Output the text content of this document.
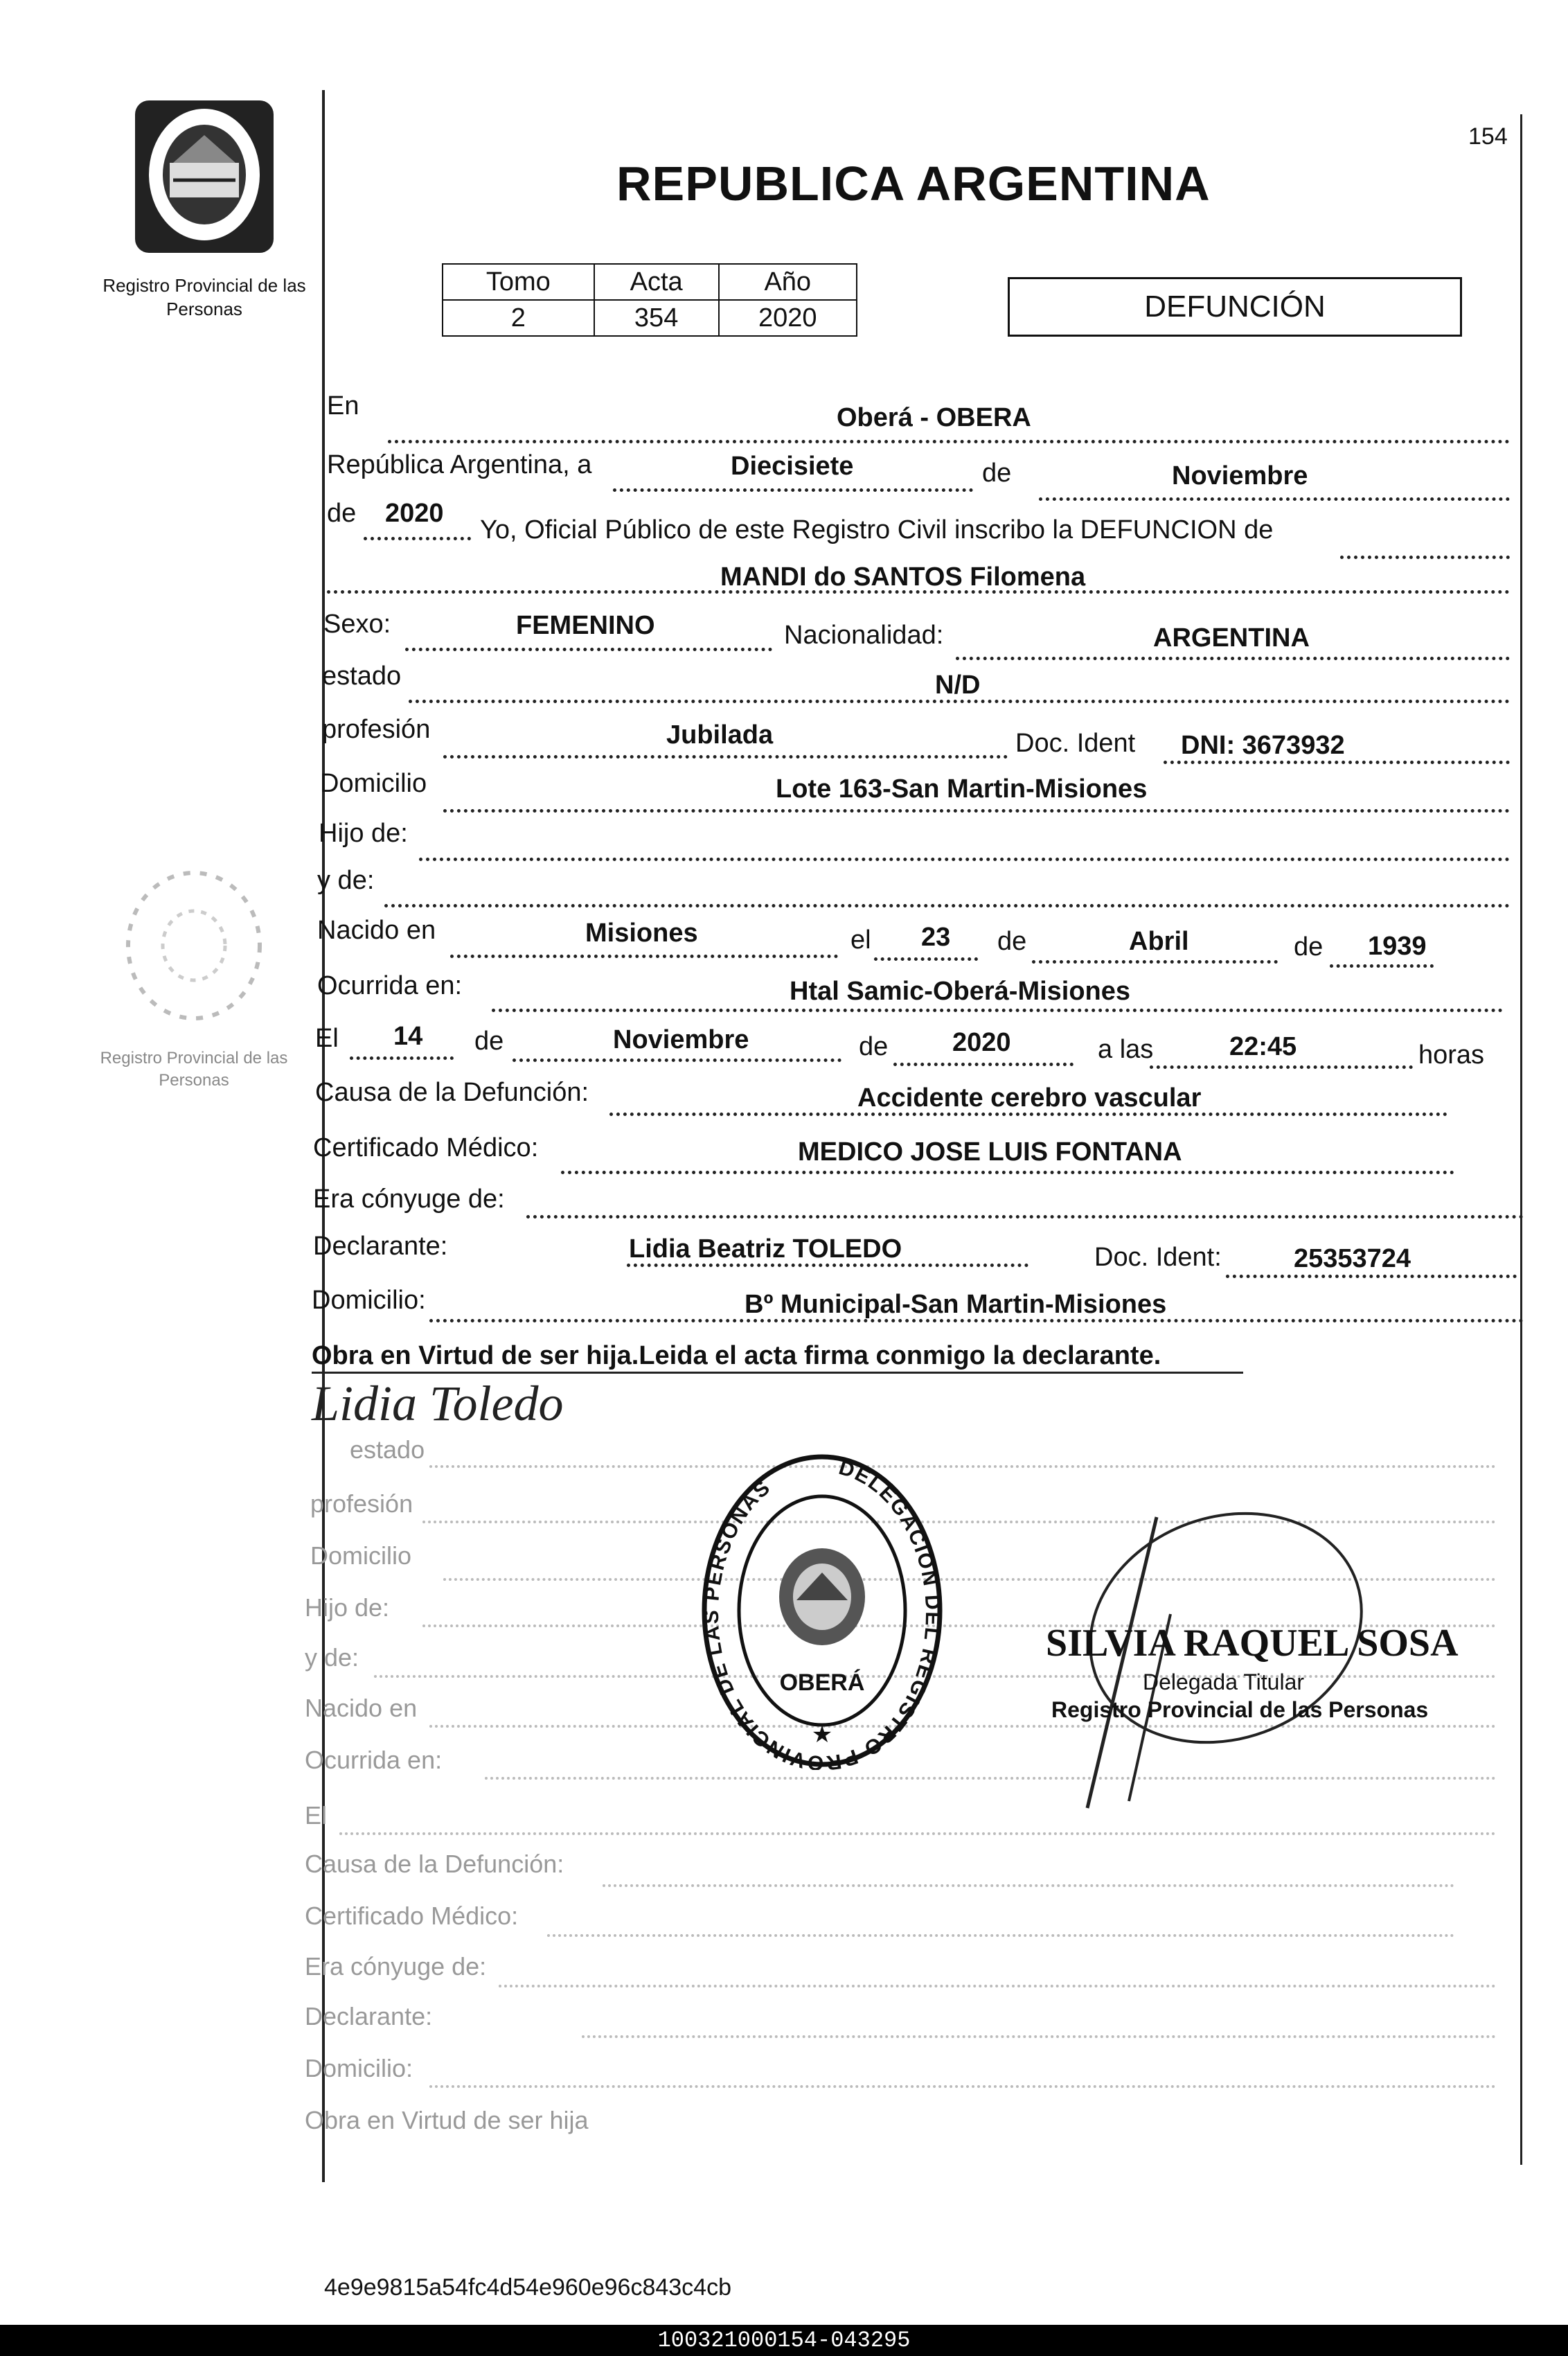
Registro Provincial de las Personas
154
REPUBLICA ARGENTINA
Tomo	Acta	Año
2	354	2020	DEFUNCIÓN
En	Oberá - OBERA
República Argentina, a	Diecisiete	de	Noviembre
de 2020
Yo, Oficial Público de este Registro Civil inscribo la DEFUNCION de
MANDI do SANTOS Filomena
Sexo:	FEMENINO	Nacionalidad:	ARGENTINA
estado	N/D
profesión	Jubilada	Doc. Ident DNI: 3673932
Domicilio	Lote 163-San Martin-Misiones
Hijo de:
y de:
Nacido en	Misiones	el 23 de	Abril	de 1939
Ocurrida en:	Htal Samic-Oberá-Misiones
El 14 de	Noviembre	de 2020	a las	22:45	horas
Causa de la Defunción:	Accidente cerebro vascular
Certificado Médico:	MEDICO JOSE LUIS FONTANA
Era cónyuge de:
Declarante:	Lidia Beatriz TOLEDO	Doc. Ident:	25353724
Domicilio:	Bº Municipal-San Martin-Misiones
Obra en Virtud de ser hija.Leida el acta firma conmigo la declarante.
Lidia Toledo
estado
profesión
Domicilio
Hijo de:
y de:
Nacido en
Ocurrida en:
El
Causa de la Defunción:
Certificado Médico:
Era cónyuge de:
Declarante:
Domicilio:
Obra en Virtud de ser hija
Registro Provincial de las Personas
DELEGACION DEL REGISTRO PROVINCIAL DE LAS PERSONAS
OBERÁ
★
SILVIA RAQUEL SOSA
Delegada Titular
Registro Provincial de las Personas
4e9e9815a54fc4d54e960e96c843c4cb
100321000154-043295
